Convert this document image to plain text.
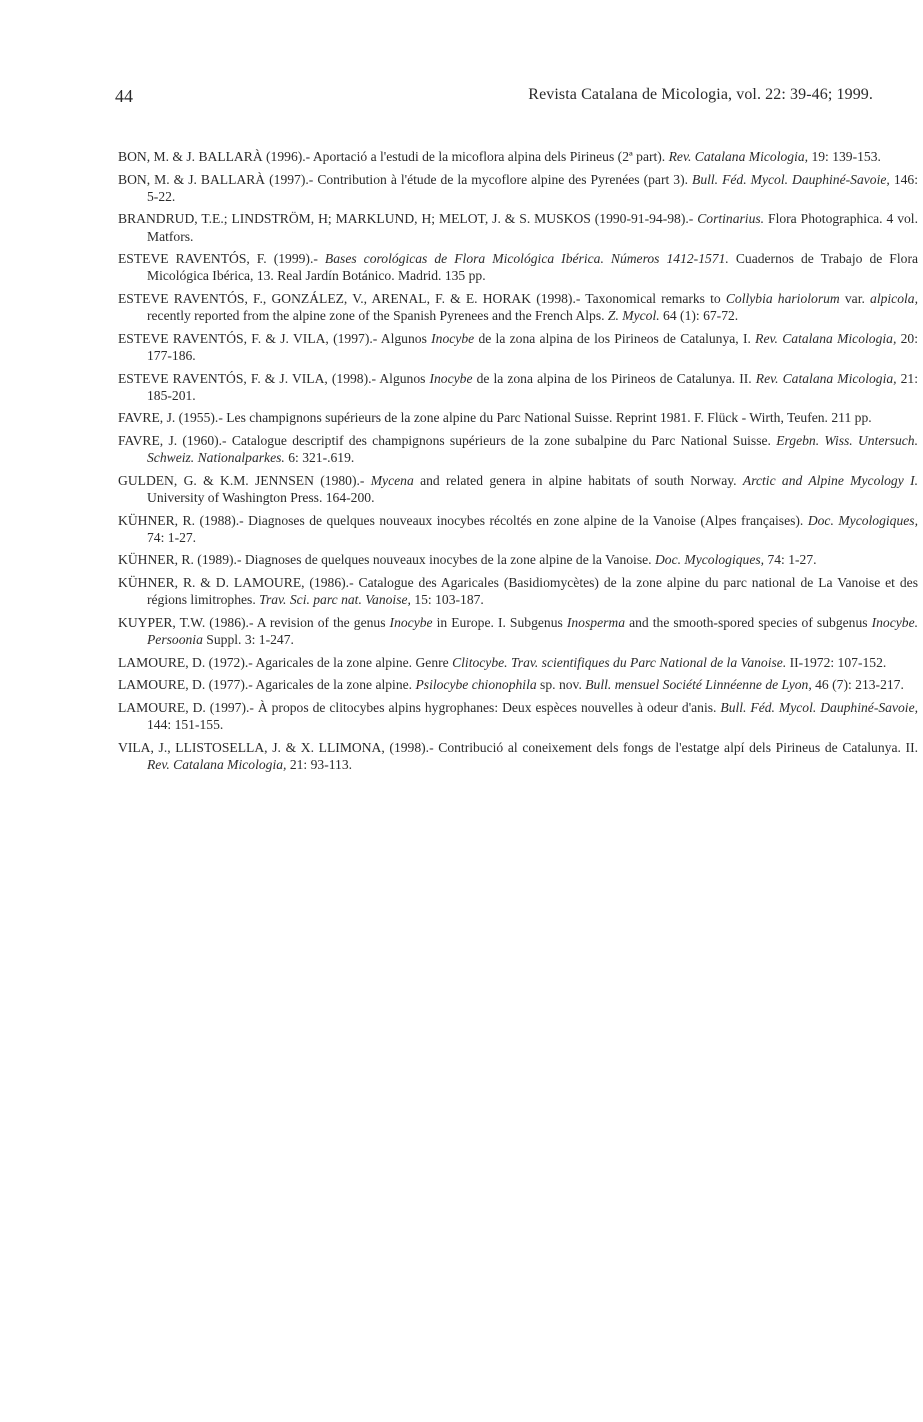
44	Revista Catalana de Micologia, vol. 22: 39-46; 1999.

BON, M. & J. BALLARÀ (1996).- Aportació a l'estudi de la micoflora alpina dels Pirineus (2ª part). Rev. Catalana Micologia, 19: 139-153.

BON, M. & J. BALLARÀ (1997).- Contribution à l'étude de la mycoflore alpine des Pyrenées (part 3). Bull. Féd. Mycol. Dauphiné-Savoie, 146: 5-22.

BRANDRUD, T.E.; LINDSTRÖM, H; MARKLUND, H; MELOT, J. & S. MUSKOS (1990-91-94-98).- Cortinarius. Flora Photographica. 4 vol. Matfors.

ESTEVE RAVENTÓS, F. (1999).- Bases corológicas de Flora Micológica Ibérica. Números 1412-1571. Cuadernos de Trabajo de Flora Micológica Ibérica, 13. Real Jardín Botánico. Madrid. 135 pp.

ESTEVE RAVENTÓS, F., GONZÁLEZ, V., ARENAL, F. & E. HORAK (1998).- Taxonomical remarks to Collybia hariolorum var. alpicola, recently reported from the alpine zone of the Spanish Pyrenees and the French Alps. Z. Mycol. 64 (1): 67-72.

ESTEVE RAVENTÓS, F. & J. VILA, (1997).- Algunos Inocybe de la zona alpina de los Pirineos de Catalunya, I. Rev. Catalana Micologia, 20: 177-186.

ESTEVE RAVENTÓS, F. & J. VILA, (1998).- Algunos Inocybe de la zona alpina de los Pirineos de Catalunya. II. Rev. Catalana Micologia, 21: 185-201.

FAVRE, J. (1955).- Les champignons supérieurs de la zone alpine du Parc National Suisse. Reprint 1981. F. Flück - Wirth, Teufen. 211 pp.

FAVRE, J. (1960).- Catalogue descriptif des champignons supérieurs de la zone subalpine du Parc National Suisse. Ergebn. Wiss. Untersuch. Schweiz. Nationalparkes. 6: 321-.619.

GULDEN, G. & K.M. JENNSEN (1980).- Mycena and related genera in alpine habitats of south Norway. Arctic and Alpine Mycology I. University of Washington Press. 164-200.

KÜHNER, R. (1988).- Diagnoses de quelques nouveaux inocybes récoltés en zone alpine de la Vanoise (Alpes françaises). Doc. Mycologiques, 74: 1-27.

KÜHNER, R. (1989).- Diagnoses de quelques nouveaux inocybes de la zone alpine de la Vanoise. Doc. Mycologiques, 74: 1-27.

KÜHNER, R. & D. LAMOURE, (1986).- Catalogue des Agaricales (Basidiomycètes) de la zone alpine du parc national de La Vanoise et des régions limitrophes. Trav. Sci. parc nat. Vanoise, 15: 103-187.

KUYPER, T.W. (1986).- A revision of the genus Inocybe in Europe. I. Subgenus Inosperma and the smooth-spored species of subgenus Inocybe. Persoonia Suppl. 3: 1-247.

LAMOURE, D. (1972).- Agaricales de la zone alpine. Genre Clitocybe. Trav. scientifiques du Parc National de la Vanoise. II-1972: 107-152.

LAMOURE, D. (1977).- Agaricales de la zone alpine. Psilocybe chionophila sp. nov. Bull. mensuel Société Linnéenne de Lyon, 46 (7): 213-217.

LAMOURE, D. (1997).- À propos de clitocybes alpins hygrophanes: Deux espèces nouvelles à odeur d'anis. Bull. Féd. Mycol. Dauphiné-Savoie, 144: 151-155.

VILA, J., LLISTOSELLA, J. & X. LLIMONA, (1998).- Contribució al coneixement dels fongs de l'estatge alpí dels Pirineus de Catalunya. II. Rev. Catalana Micologia, 21: 93-113.
